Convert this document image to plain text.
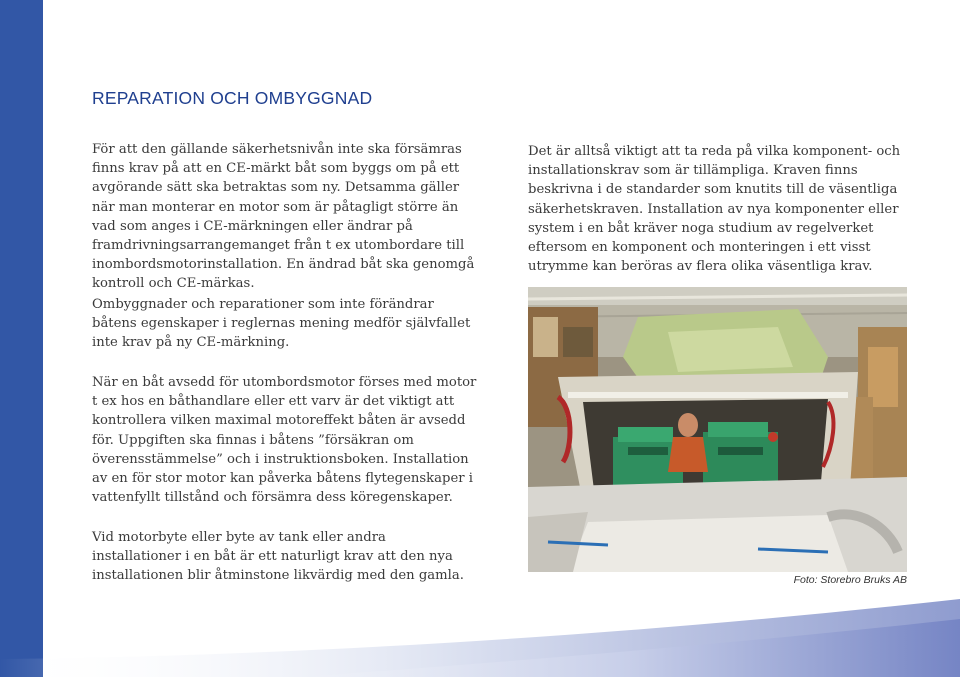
REPARATION OCH OMBYGGNAD

För att den gällande säkerhetsnivån inte ska försämras finns krav på att en CE-märkt båt som byggs om på ett avgörande sätt ska betraktas som ny. Detsamma gäller när man monterar en motor som är påtagligt större än vad som anges i CE-märkningen eller ändrar på framdrivningsarrangemanget från t ex utombordare till inombordsmotorinstallation. En ändrad båt ska genomgå kontroll och CE-märkas.

Ombyggnader och reparationer som inte förändrar båtens egenskaper i reglernas mening medför självfallet inte krav på ny CE-märkning.

När en båt avsedd för utombordsmotor förses med motor t ex hos en båthandlare eller ett varv är det viktigt att kontrollera vilken maximal motoreffekt båten är avsedd för. Uppgiften ska finnas i båtens ”försäkran om överensstämmelse” och i instruktionsboken. Installation av en för stor motor kan påverka båtens flytegenskaper i vattenfyllt tillstånd och försämra dess köregenskaper.

Vid motorbyte eller byte av tank eller andra installationer i en båt är ett naturligt krav att den nya installationen blir åtminstone likvärdig med den gamla.

Det är alltså viktigt att ta reda på vilka komponent- och installationskrav som är tillämpliga. Kraven finns beskrivna i de standarder som knutits till de väsentliga säkerhetskraven. Installation av nya komponenter eller system i en båt kräver noga studium av regelverket eftersom en komponent och monteringen i ett visst utrymme kan beröras av flera olika väsentliga krav.

Foto: Storebro Bruks AB
